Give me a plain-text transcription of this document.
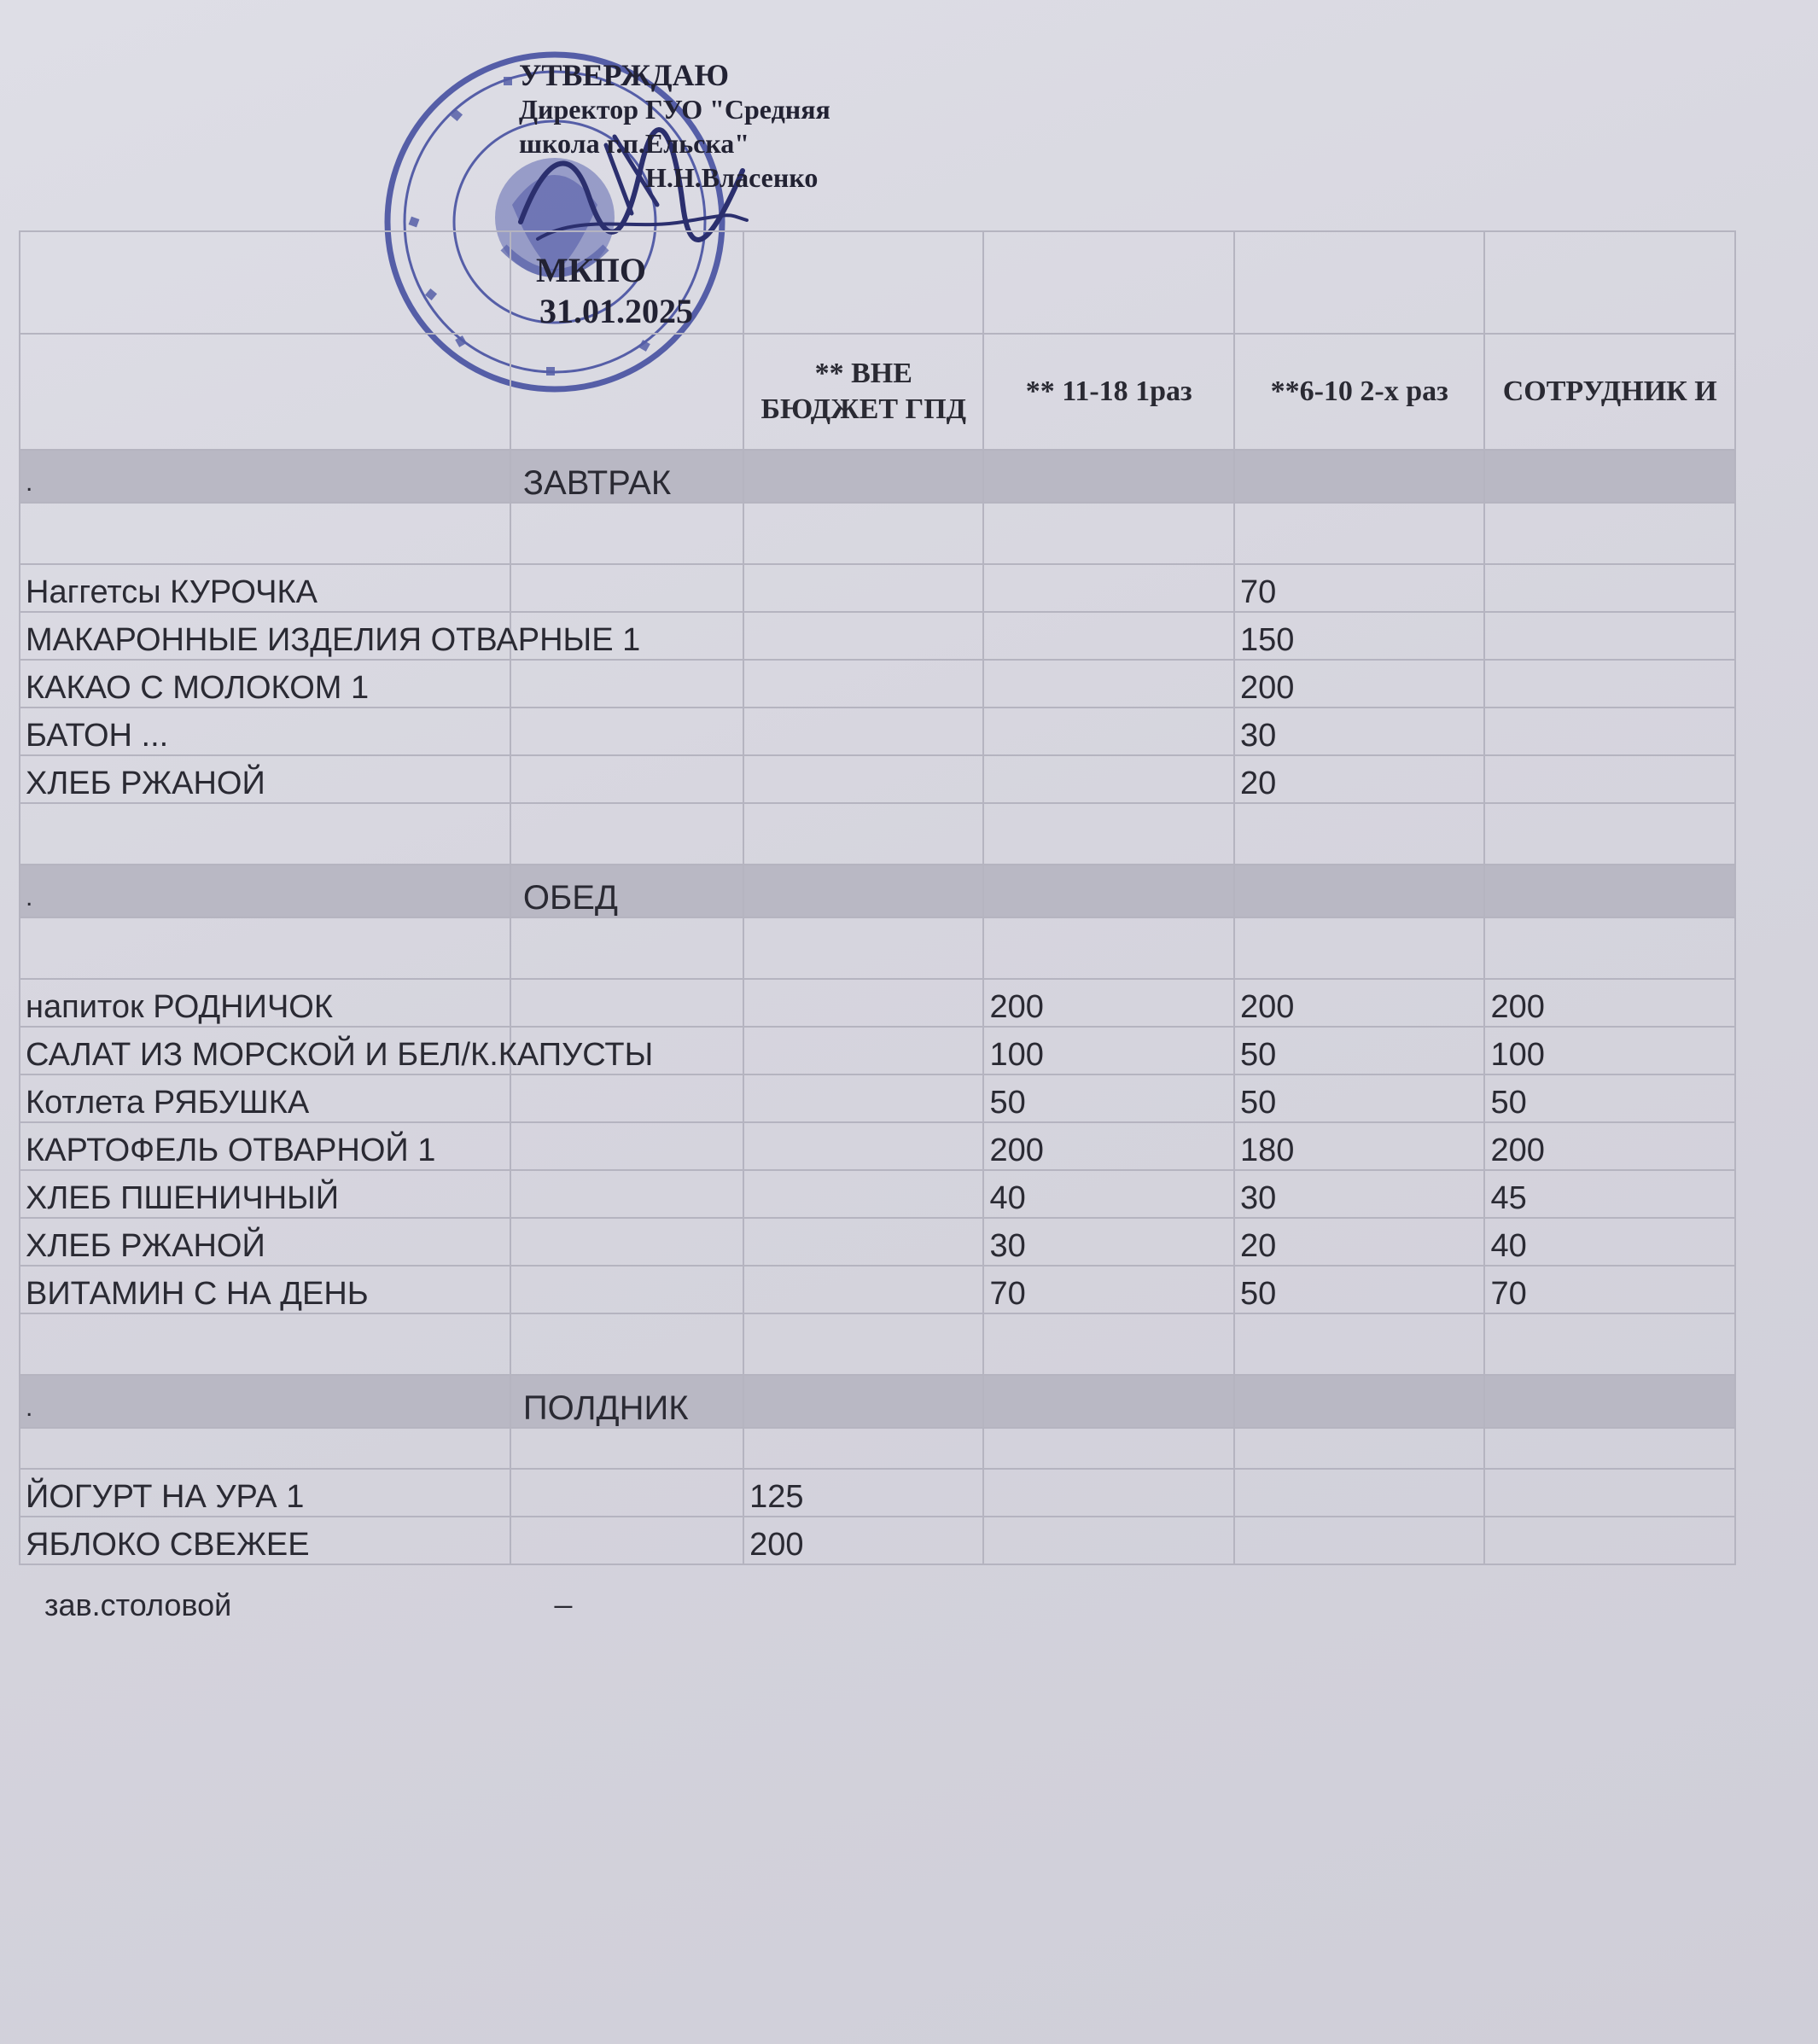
УТВЕРЖДАЮ
Директор ГУО "Средняя
школа г.п.Ельска"
Н.Н.Власенко
МКПО
31.01.2025

		** ВНЕ БЮДЖЕТ ГПД	** 11-18 1раз	**6-10 2-х раз	СОТРУДНИК И
.	ЗАВТРАК				

Наггетсы КУРОЧКА				70	
МАКАРОННЫЕ ИЗДЕЛИЯ ОТВАРНЫЕ 1				150	
КАКАО С МОЛОКОМ 1				200	
БАТОН ...				30	
ХЛЕБ РЖАНОЙ				20	

.	ОБЕД				

напиток РОДНИЧОК			200	200	200
САЛАТ ИЗ МОРСКОЙ И БЕЛ/К.КАПУСТЫ			100	50	100
Котлета РЯБУШКА			50	50	50
КАРТОФЕЛЬ ОТВАРНОЙ 1			200	180	200
ХЛЕБ ПШЕНИЧНЫЙ			40	30	45
ХЛЕБ РЖАНОЙ			30	20	40
ВИТАМИН С НА ДЕНЬ			70	50	70

.	ПОЛДНИК				

ЙОГУРТ НА УРА 1		125			
ЯБЛОКО СВЕЖЕЕ		200			
_
зав.столовой
